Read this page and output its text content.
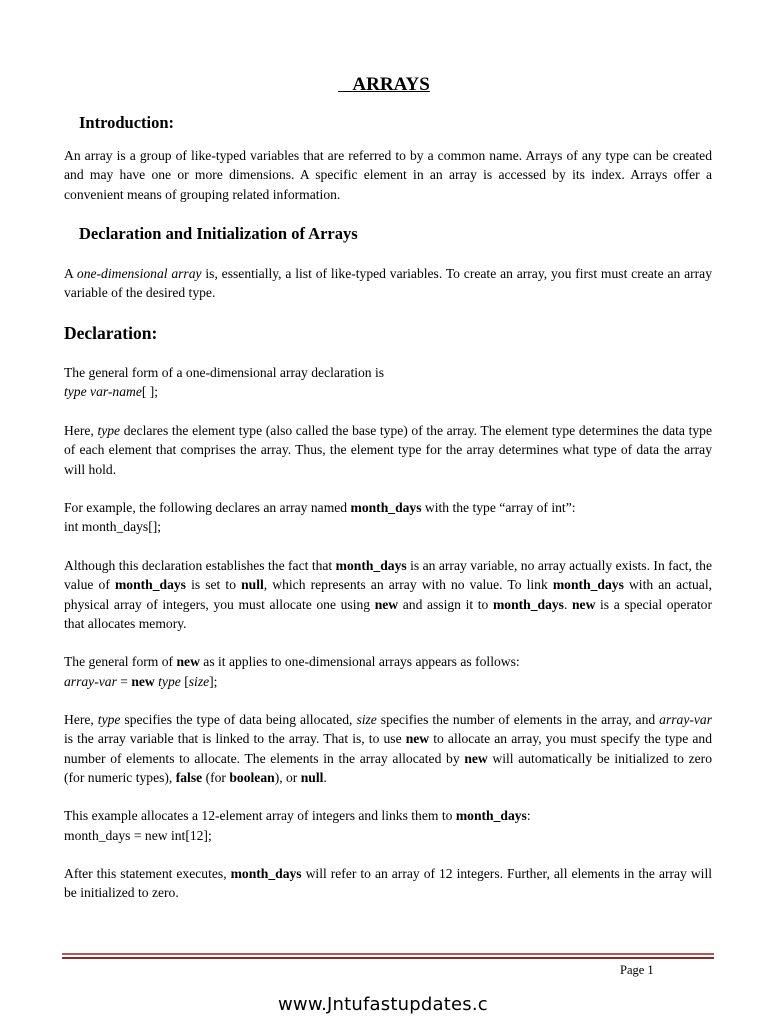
ARRAYS
Introduction:
An array is a group of like-typed variables that are referred to by a common name. Arrays of any type can be created and may have one or more dimensions. A specific element in an array is accessed by its index. Arrays offer a convenient means of grouping related information.
Declaration and Initialization of Arrays
A one-dimensional array is, essentially, a list of like-typed variables. To create an array, you first must create an array variable of the desired type.
Declaration:
The general form of a one-dimensional array declaration is
type var-name[ ];
Here, type declares the element type (also called the base type) of the array. The element type determines the data type of each element that comprises the array. Thus, the element type for the array determines what type of data the array will hold.
For example, the following declares an array named month_days with the type “array of int”:
int month_days[];
Although this declaration establishes the fact that month_days is an array variable, no array actually exists. In fact, the value of month_days is set to null, which represents an array with no value. To link month_days with an actual, physical array of integers, you must allocate one using new and assign it to month_days. new is a special operator that allocates memory.
The general form of new as it applies to one-dimensional arrays appears as follows:
array-var = new type [size];
Here, type specifies the type of data being allocated, size specifies the number of elements in the array, and array-var is the array variable that is linked to the array. That is, to use new to allocate an array, you must specify the type and number of elements to allocate. The elements in the array allocated by new will automatically be initialized to zero (for numeric types), false (for boolean), or null.
This example allocates a 12-element array of integers and links them to month_days:
month_days = new int[12];
After this statement executes, month_days will refer to an array of 12 integers. Further, all elements in the array will be initialized to zero.
Page 1
www.Jntufastupdates.c
